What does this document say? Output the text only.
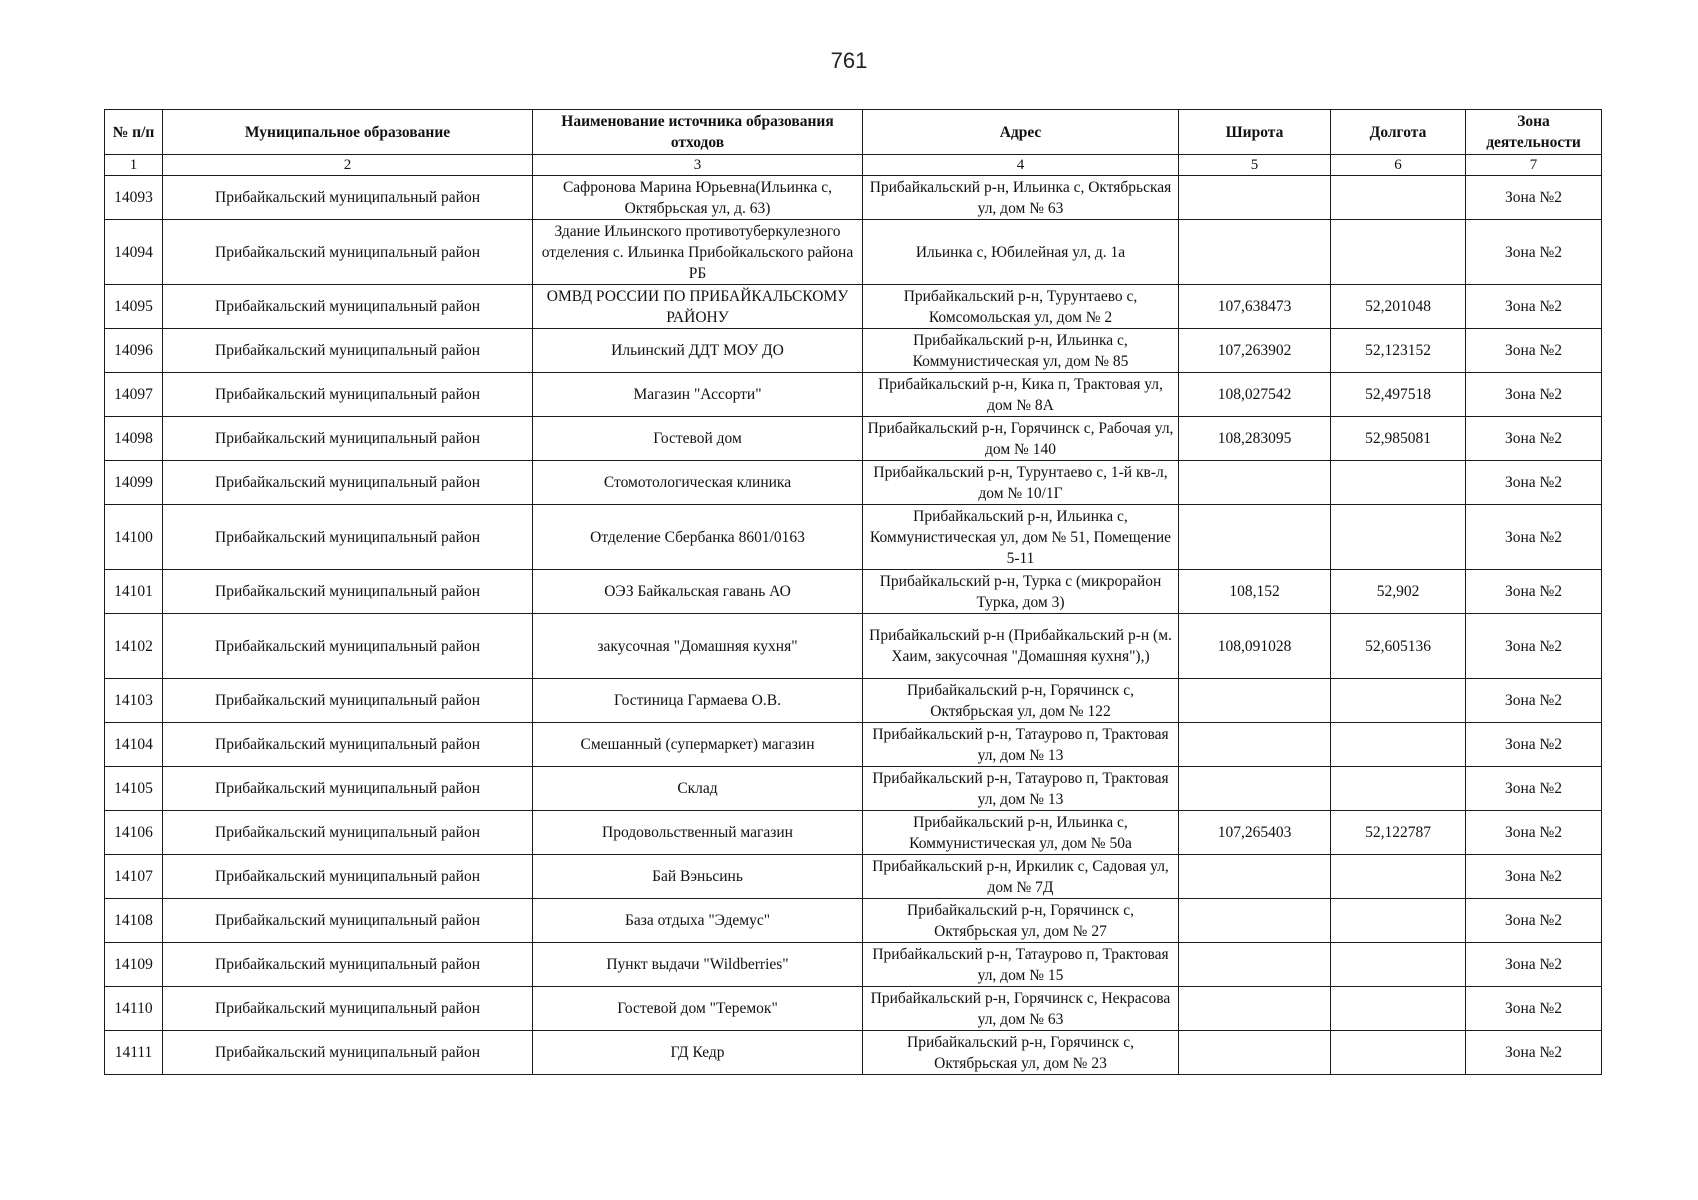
761
№ п/п	Муниципальное образование	Наименование источника образования отходов	Адрес	Широта	Долгота	Зона деятельности
1	2	3	4	5	6	7
14093	Прибайкальский муниципальный район	Сафронова Марина Юрьевна(Ильинка с, Октябрьская ул, д. 63)	Прибайкальский р-н, Ильинка с, Октябрьская ул, дом № 63			Зона №2
14094	Прибайкальский муниципальный район	Здание Ильинского противотуберкулезного отделения с. Ильинка Прибойкальского района РБ	Ильинка с, Юбилейная ул, д. 1а			Зона №2
14095	Прибайкальский муниципальный район	ОМВД РОССИИ ПО ПРИБАЙКАЛЬСКОМУ РАЙОНУ	Прибайкальский р-н, Турунтаево с, Комсомольская ул, дом № 2	107,638473	52,201048	Зона №2
14096	Прибайкальский муниципальный район	Ильинский ДДТ МОУ ДО	Прибайкальский р-н, Ильинка с, Коммунистическая ул, дом № 85	107,263902	52,123152	Зона №2
14097	Прибайкальский муниципальный район	Магазин "Ассорти"	Прибайкальский р-н, Кика п, Трактовая ул, дом № 8А	108,027542	52,497518	Зона №2
14098	Прибайкальский муниципальный район	Гостевой дом	Прибайкальский р-н, Горячинск с, Рабочая ул, дом № 140	108,283095	52,985081	Зона №2
14099	Прибайкальский муниципальный район	Стомотологическая клиника	Прибайкальский р-н, Турунтаево с, 1-й кв-л, дом № 10/1Г			Зона №2
14100	Прибайкальский муниципальный район	Отделение Сбербанка 8601/0163	Прибайкальский р-н, Ильинка с, Коммунистическая ул, дом № 51, Помещение 5-11			Зона №2
14101	Прибайкальский муниципальный район	ОЭЗ Байкальская гавань АО	Прибайкальский р-н, Турка с (микрорайон Турка, дом 3)	108,152	52,902	Зона №2
14102	Прибайкальский муниципальный район	закусочная "Домашняя кухня"	Прибайкальский р-н (Прибайкальский р-н (м. Хаим, закусочная "Домашняя кухня"),)	108,091028	52,605136	Зона №2
14103	Прибайкальский муниципальный район	Гостиница Гармаева О.В.	Прибайкальский р-н, Горячинск с, Октябрьская ул, дом № 122			Зона №2
14104	Прибайкальский муниципальный район	Смешанный (супермаркет) магазин	Прибайкальский р-н, Татаурово п, Трактовая ул, дом № 13			Зона №2
14105	Прибайкальский муниципальный район	Склад	Прибайкальский р-н, Татаурово п, Трактовая ул, дом № 13			Зона №2
14106	Прибайкальский муниципальный район	Продовольственный магазин	Прибайкальский р-н, Ильинка с, Коммунистическая ул, дом № 50а	107,265403	52,122787	Зона №2
14107	Прибайкальский муниципальный район	Бай Вэньсинь	Прибайкальский р-н, Иркилик с, Садовая ул, дом № 7Д			Зона №2
14108	Прибайкальский муниципальный район	База отдыха "Эдемус"	Прибайкальский р-н, Горячинск с, Октябрьская ул, дом № 27			Зона №2
14109	Прибайкальский муниципальный район	Пункт выдачи "Wildberries"	Прибайкальский р-н, Татаурово п, Трактовая ул, дом № 15			Зона №2
14110	Прибайкальский муниципальный район	Гостевой дом "Теремок"	Прибайкальский р-н, Горячинск с, Некрасова ул, дом № 63			Зона №2
14111	Прибайкальский муниципальный район	ГД Кедр	Прибайкальский р-н, Горячинск с, Октябрьская ул, дом № 23			Зона №2
